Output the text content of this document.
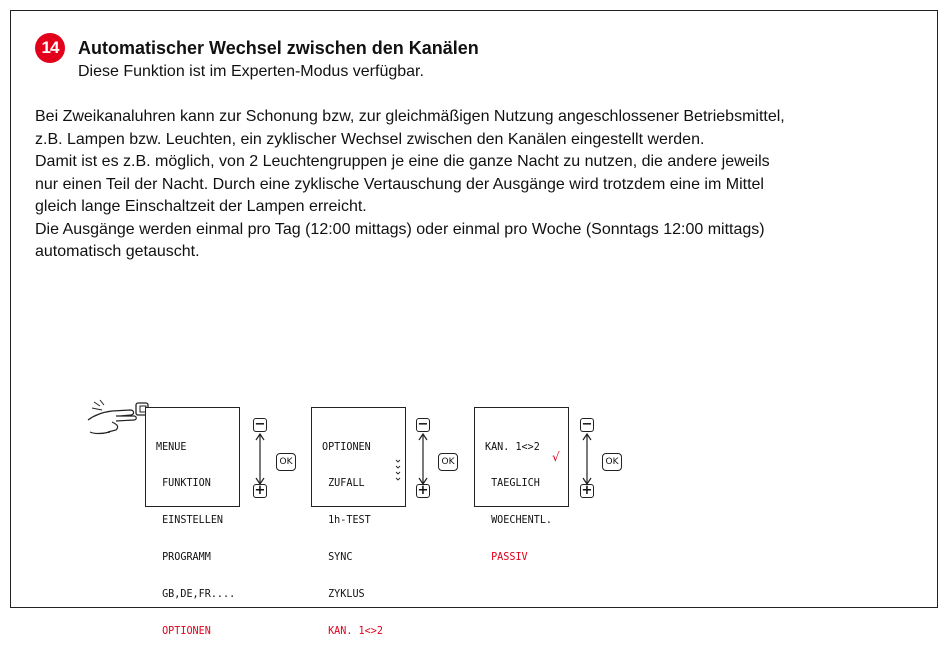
14	Automatischer Wechsel zwischen den Kanälen
Diese Funktion ist im Experten-Modus verfügbar.

Bei Zweikanaluhren kann zur Schonung bzw, zur gleichmäßigen Nutzung angeschlossener Betriebsmittel,

z.B. Lampen bzw. Leuchten, ein zyklischer Wechsel zwischen den Kanälen eingestellt werden.

Damit ist es z.B. möglich, von 2 Leuchtengruppen je eine die ganze Nacht zu nutzen, die andere jeweils

nur einen Teil der Nacht. Durch eine zyklische Vertauschung der Ausgänge wird trotzdem eine im Mittel

gleich lange Einschaltzeit der Lampen erreicht.

Die Ausgänge werden einmal pro Tag (12:00 mittags) oder einmal pro Woche (Sonntags 12:00 mittags)

automatisch getauscht.

MENUE

FUNKTION

EINSTELLEN

PROGRAMM

GB,DE,FR....

OPTIONEN

−
+
OK

OPTIONEN

ZUFALL

1h-TEST

SYNC

ZYKLUS

KAN. 1<>2

−
+
OK

KAN. 1<>2

TAEGLICH

WOECHENTL.

PASSIV

√
−
+
OK
